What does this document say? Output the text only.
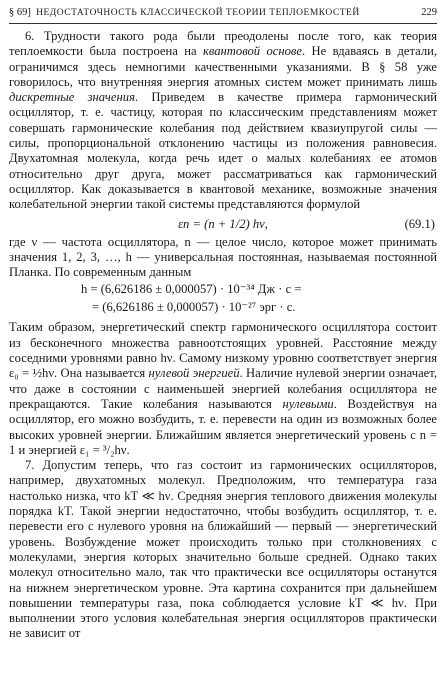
§ 69] НЕДОСТАТОЧНОСТЬ КЛАССИЧЕСКОЙ ТЕОРИИ ТЕПЛОЕМКОСТЕЙ	229

6. Трудности такого рода были преодолены после того, как теория теплоемкости была построена на квантовой основе. Не вдаваясь в детали, ограничимся здесь немногими качественными указаниями. В § 58 уже говорилось, что внутренняя энергия атомных систем может принимать лишь дискретные значения. Приведем в качестве примера гармонический осциллятор, т. е. частицу, которая по классическим представлениям может совершать гармонические колебания под действием квазиупругой силы — силы, пропорциональной отклонению частицы из положения равновесия. Двухатомная молекула, когда речь идет о малых колебаниях ее атомов относительно друг друга, может рассматриваться как гармонический осциллятор. Как доказывается в квантовой механике, возможные значения колебательной энергии такой системы представляются формулой

εn = (n + 1/2) hν,	(69.1)

где ν — частота осциллятора, n — целое число, которое может принимать значения 1, 2, 3, …, h — универсальная постоянная, называемая постоянной Планка. По современным данным

h = (6,626186 ± 0,000057) · 10⁻³⁴ Дж · с =
= (6,626186 ± 0,000057) · 10⁻²⁷ эрг · с.

Таким образом, энергетический спектр гармонического осциллятора состоит из бесконечного множества равноотстоящих уровней. Расстояние между соседними уровнями равно hν. Самому низкому уровню соответствует энергия ε₀ = ½hν. Она называется нулевой энергией. Наличие нулевой энергии означает, что даже в состоянии с наименьшей энергией колебания осциллятора не прекращаются. Такие колебания называются нулевыми. Воздействуя на осциллятор, его можно возбудить, т. е. перевести на один из возможных более высоких уровней энергии. Ближайшим является энергетический уровень с n = 1 и энергией ε₁ = ³/₂hν.

7. Допустим теперь, что газ состоит из гармонических осцилляторов, например, двухатомных молекул. Предположим, что температура газа настолько низка, что kT ≪ hν. Средняя энергия теплового движения молекулы порядка kT. Такой энергии недостаточно, чтобы возбудить осциллятор, т. е. перевести его с нулевого уровня на ближайший — первый — энергетический уровень. Возбуждение может происходить только при столкновениях с молекулами, энергия которых значительно больше средней. Однако таких молекул относительно мало, так что практически все осцилляторы останутся на нижнем энергетическом уровне. Эта картина сохранится при дальнейшем повышении температуры газа, пока соблюдается условие kT ≪ hν. При выполнении этого условия колебательная энергия осцилляторов практически не зависит от
